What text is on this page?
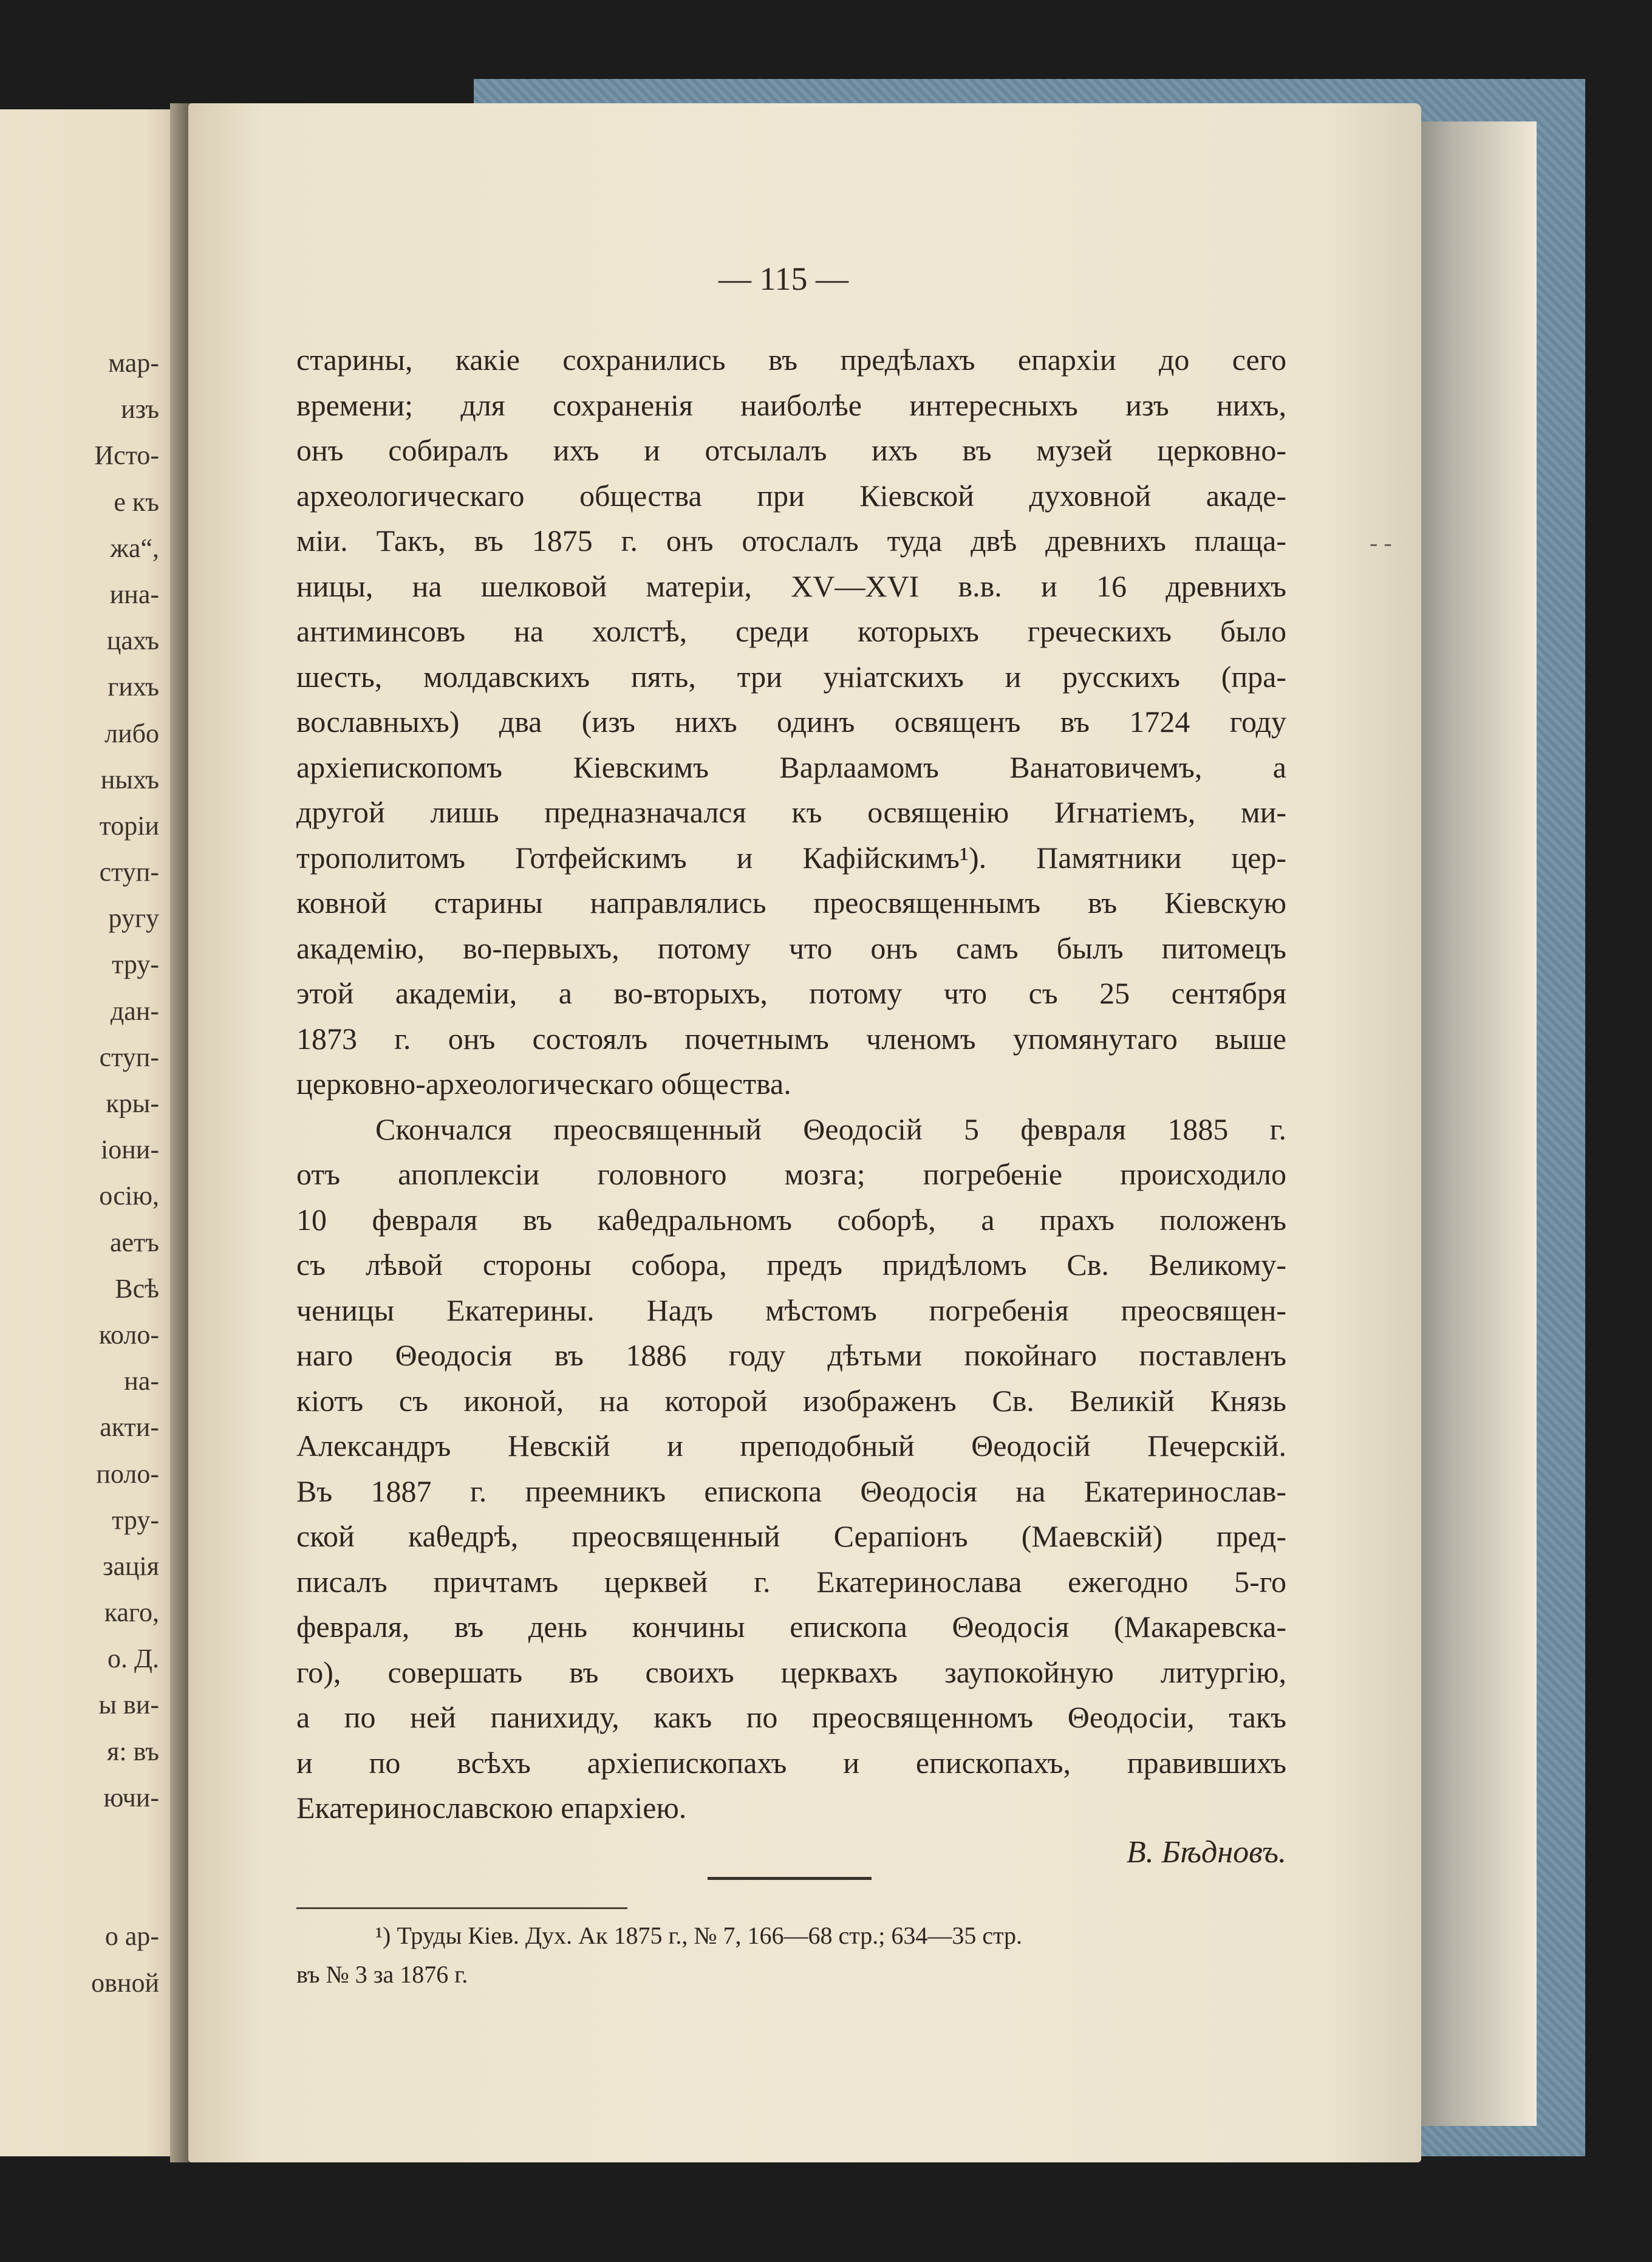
мар-
изъ
Исто-
е къ
жа“,
ина-
цахъ
гихъ
либо
ныхъ
торіи
ступ-
ругу
тру-
дан-
ступ-
кры-
іони-
осію,
аетъ
Всѣ
коло-
на-
акти-
поло-
тру-
зація
каго,
о. Д.
ы ви-
я: въ
ючи-
о ар-
овной
— 115 —
старины, какіе сохранились въ предѣлахъ епархіи до сего
времени; для сохраненія наиболѣе интересныхъ изъ нихъ,
онъ собиралъ ихъ и отсылалъ ихъ въ музей церковно-
археологическаго общества при Кіевской духовной акаде-
міи. Такъ, въ 1875 г. онъ отослалъ туда двѣ древнихъ плаща-
ницы, на шелковой матеріи, XV—XVI в.в. и 16 древнихъ
антиминсовъ на холстѣ, среди которыхъ греческихъ было
шесть, молдавскихъ пять, три уніатскихъ и русскихъ (пра-
вославныхъ) два (изъ нихъ одинъ освященъ въ 1724 году
архіепископомъ Кіевскимъ Варлаамомъ Ванатовичемъ, а
другой лишь предназначался къ освященію Игнатіемъ, ми-
трополитомъ Готфейскимъ и Кафійскимъ¹). Памятники цер-
ковной старины направлялись преосвященнымъ въ Кіевскую
академію, во-первыхъ, потому что онъ самъ былъ питомецъ
этой академіи, а во-вторыхъ, потому что съ 25 сентября
1873 г. онъ состоялъ почетнымъ членомъ упомянутаго выше
церковно-археологическаго общества.
Скончался преосвященный Θеодосій 5 февраля 1885 г.
отъ апоплексіи головного мозга; погребеніе происходило
10 февраля въ каθедральномъ соборѣ, а прахъ положенъ
съ лѣвой стороны собора, предъ придѣломъ Св. Великому-
ченицы Екатерины. Надъ мѣстомъ погребенія преосвящен-
наго Θеодосія въ 1886 году дѣтьми покойнаго поставленъ
кіотъ съ иконой, на которой изображенъ Св. Великій Князь
Александръ Невскій и преподобный Θеодосій Печерскій.
Въ 1887 г. преемникъ епископа Θеодосія на Екатеринослав-
ской каθедрѣ, преосвященный Серапіонъ (Маевскій) пред-
писалъ причтамъ церквей г. Екатеринослава ежегодно 5-го
февраля, въ день кончины епископа Θеодосія (Макаревска-
го), совершать въ своихъ церквахъ заупокойную литургію,
а по ней панихиду, какъ по преосвященномъ Θеодосіи, такъ
и по всѣхъ архіепископахъ и епископахъ, правившихъ
Екатеринославскою епархіею.
В. Бѣдновъ.
¹) Труды Кіев. Дух. Ак 1875 г., № 7, 166—68 стр.; 634—35 стр.
въ № 3 за 1876 г.
- -
